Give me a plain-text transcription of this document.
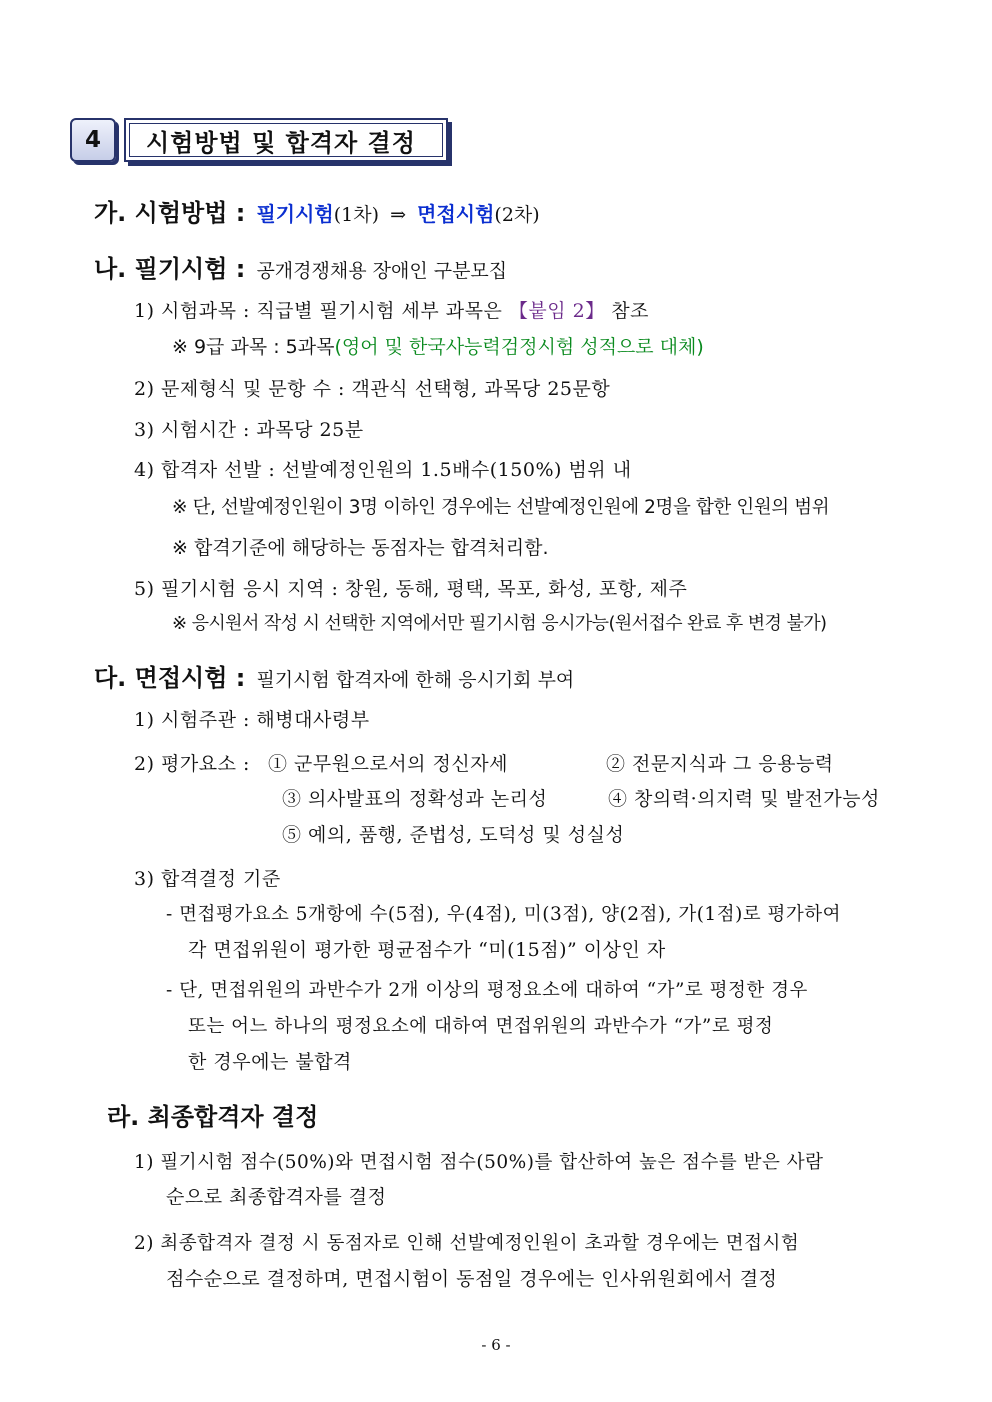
4 시험방법 및 합격자 결정
가. 시험방법 : 필기시험(1차) ⇒ 면접시험(2차)
나. 필기시험 : 공개경쟁채용 장애인 구분모집
1) 시험과목 : 직급별 필기시험 세부 과목은 【붙임 2】 참조
※ 9급 과목 : 5과목(영어 및 한국사능력검정시험 성적으로 대체)
2) 문제형식 및 문항 수 : 객관식 선택형, 과목당 25문항
3) 시험시간 : 과목당 25분
4) 합격자 선발 : 선발예정인원의 1.5배수(150%) 범위 내
※ 단, 선발예정인원이 3명 이하인 경우에는 선발예정인원에 2명을 합한 인원의 범위
※ 합격기준에 해당하는 동점자는 합격처리함.
5) 필기시험 응시 지역 : 창원, 동해, 평택, 목포, 화성, 포항, 제주
※ 응시원서 작성 시 선택한 지역에서만 필기시험 응시가능(원서접수 완료 후 변경 불가)
다. 면접시험 : 필기시험 합격자에 한해 응시기회 부여
1) 시험주관 : 해병대사령부
2) 평가요소 : ① 군무원으로서의 정신자세	② 전문지식과 그 응용능력
③ 의사발표의 정확성과 논리성	④ 창의력·의지력 및 발전가능성
⑤ 예의, 품행, 준법성, 도덕성 및 성실성
3) 합격결정 기준
- 면접평가요소 5개항에 수(5점), 우(4점), 미(3점), 양(2점), 가(1점)로 평가하여
각 면접위원이 평가한 평균점수가 “미(15점)” 이상인 자
- 단, 면접위원의 과반수가 2개 이상의 평정요소에 대하여 “가”로 평정한 경우
또는 어느 하나의 평정요소에 대하여 면접위원의 과반수가 “가”로 평정
한 경우에는 불합격
라. 최종합격자 결정
1) 필기시험 점수(50%)와 면접시험 점수(50%)를 합산하여 높은 점수를 받은 사람
순으로 최종합격자를 결정
2) 최종합격자 결정 시 동점자로 인해 선발예정인원이 초과할 경우에는 면접시험
점수순으로 결정하며, 면접시험이 동점일 경우에는 인사위원회에서 결정
- 6 -
